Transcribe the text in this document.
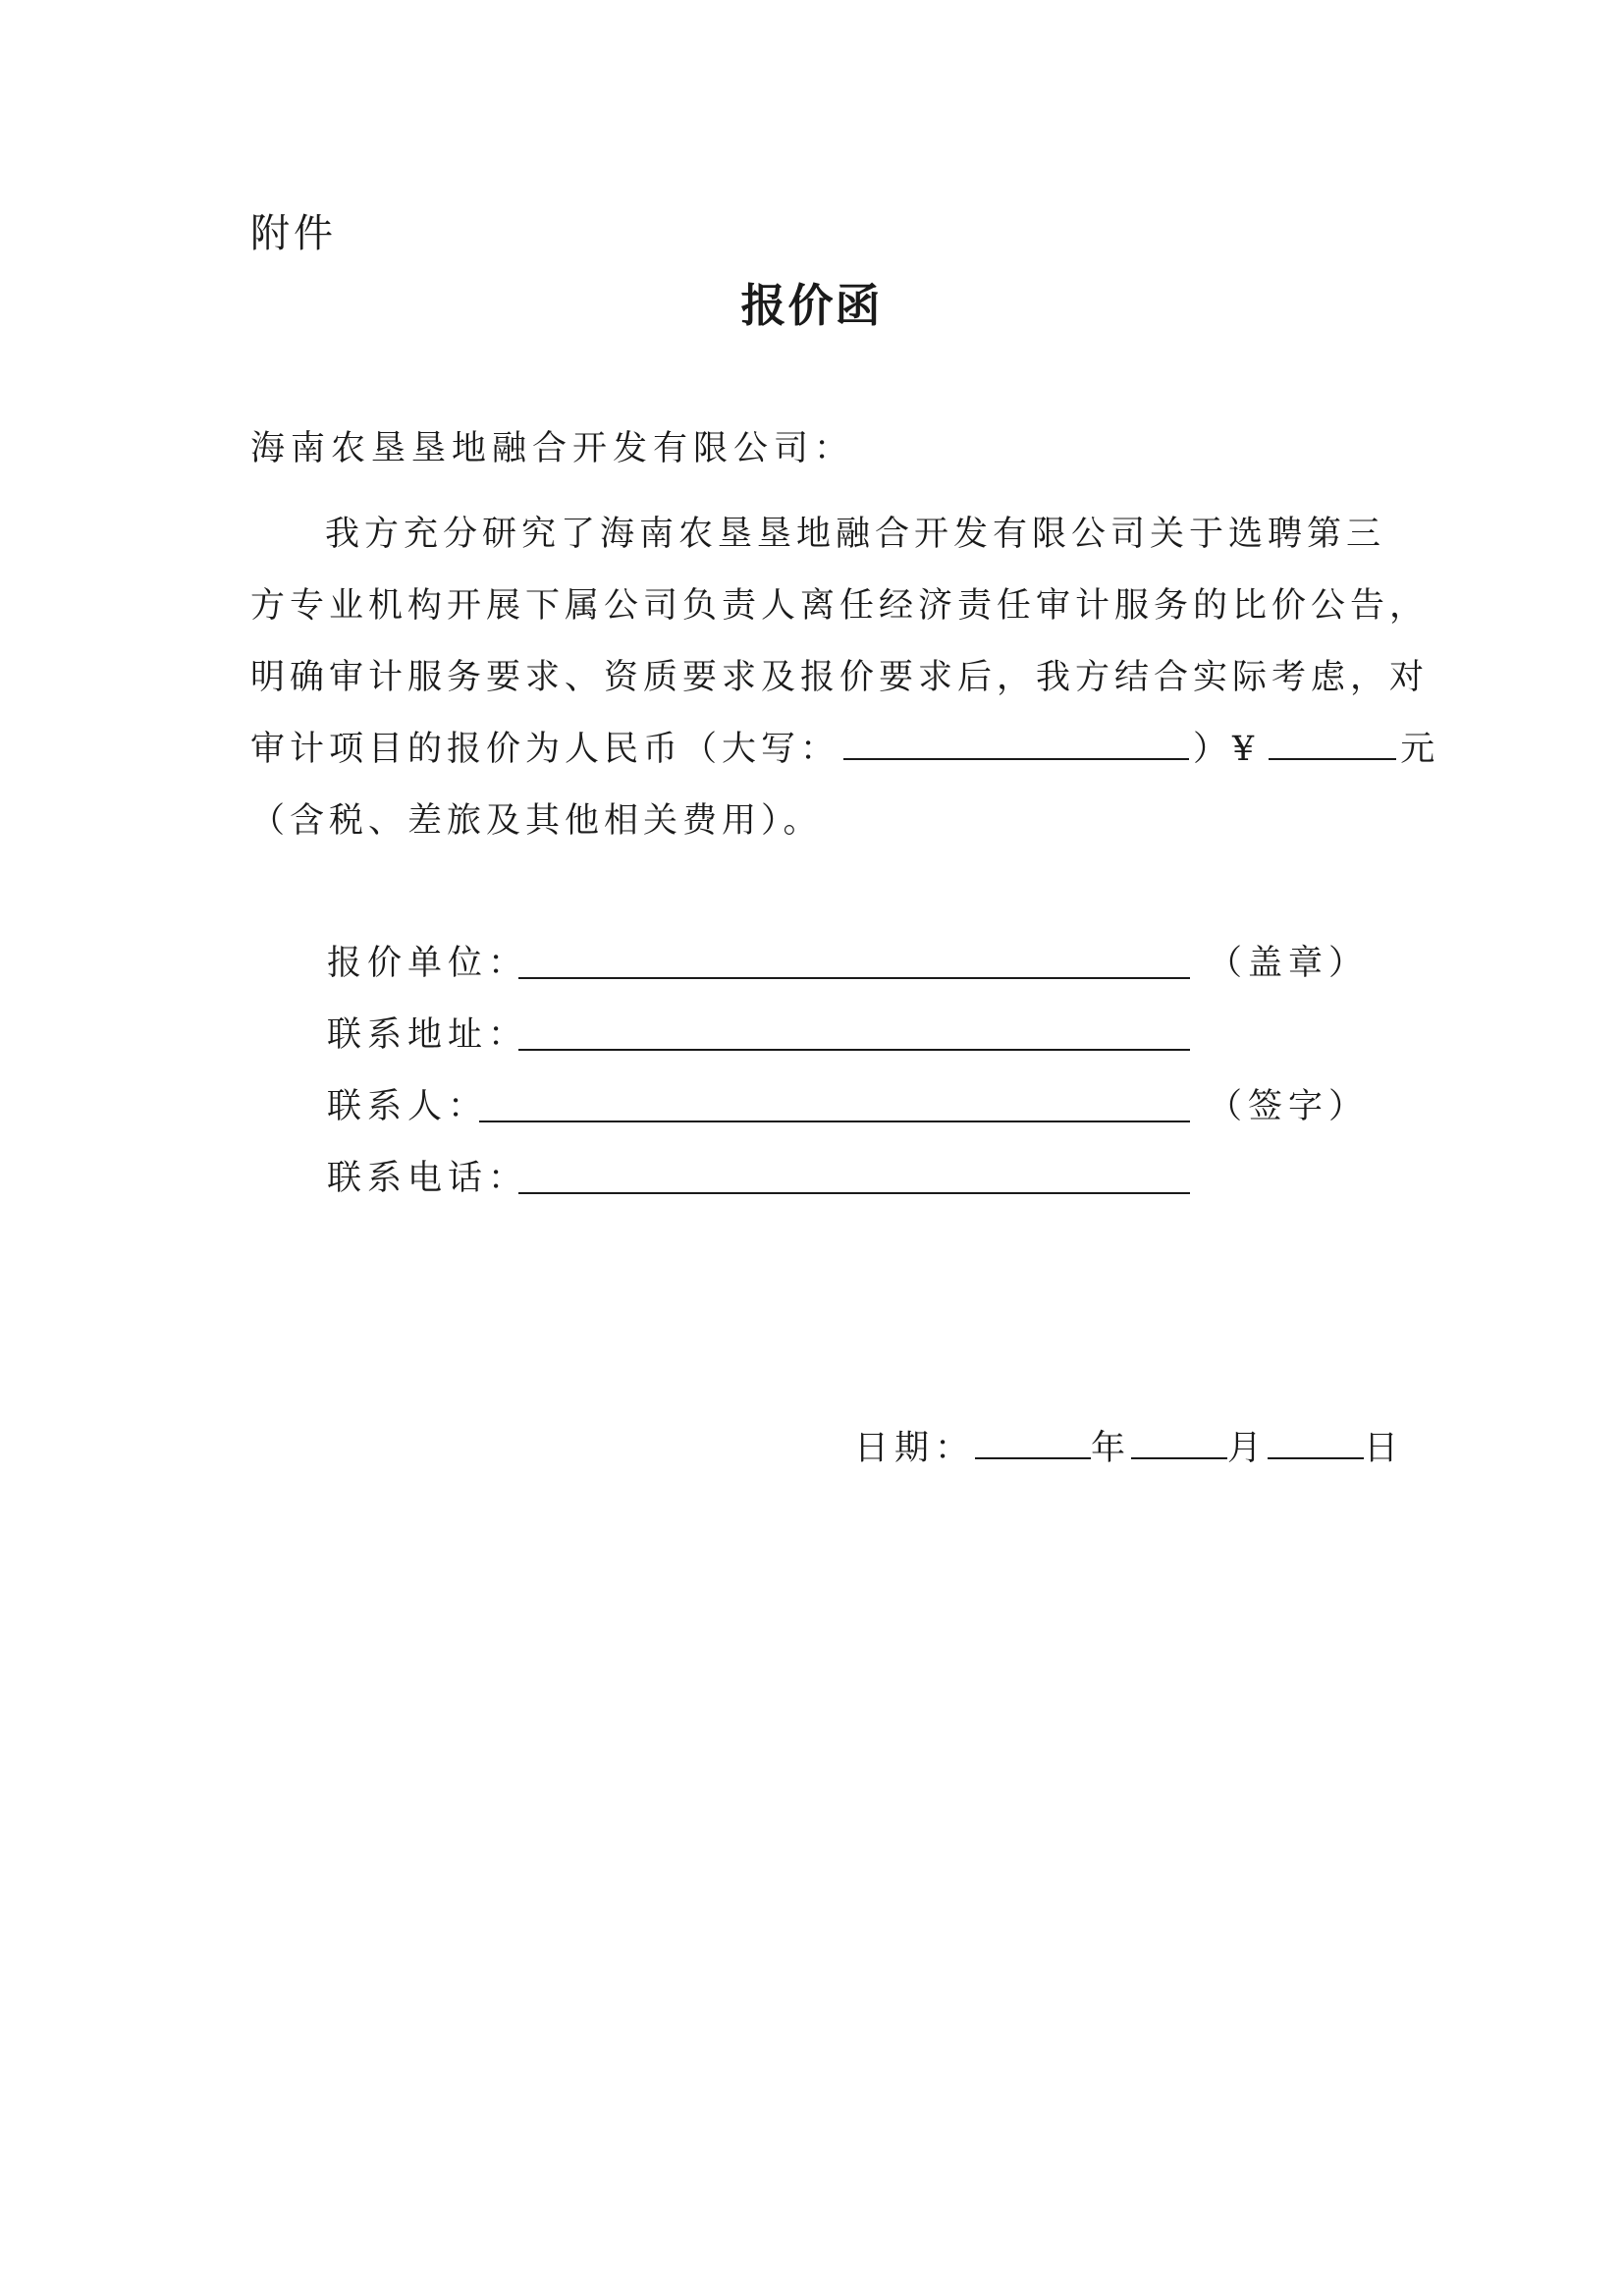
附件
报价函
海南农垦垦地融合开发有限公司：
我方充分研究了海南农垦垦地融合开发有限公司关于选聘第三
方专业机构开展下属公司负责人离任经济责任审计服务的比价公告，
明确审计服务要求、资质要求及报价要求后，我方结合实际考虑，对
审计项目的报价为人民币（大写：	）¥	元
（含税、差旅及其他相关费用）。
报价单位：	（盖章）
联系地址：
联系人：	（签字）
联系电话：
日期：	年	月	日
